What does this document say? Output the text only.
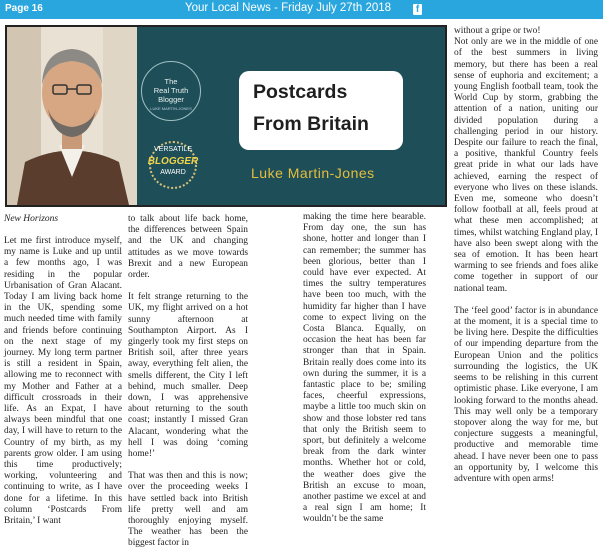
Page 16	Your Local News - Friday July 27th 2018 f
The
Real Truth
Blogger
LUKE MARTIN-JONES
VERSATILE
BLOGGER
AWARD
Postcards
From Britain
Luke Martin-Jones
New Horizons

Let me first introduce myself, my name is Luke and up until a few months ago, I was residing in the popular Urbanisation of Gran Alacant. Today I am living back home in the UK, spending some much needed time with family and friends before continuing on the next stage of my journey. My long term partner is still a resident in Spain, allowing me to reconnect with my Mother and Father at a difficult crossroads in their life. As an Expat, I have always been mindful that one day, I will have to return to the Country of my birth, as my parents grow older. I am using this time productively; working, volunteering and continuing to write, as I have done for a lifetime. In this column ‘Postcards From Britain,’ I want

to talk about life back home, the differences between Spain and the UK and changing attitudes as we move towards Brexit and a new European order.

It felt strange returning to the UK, my flight arrived on a hot sunny afternoon at Southampton Airport. As I gingerly took my first steps on British soil, after three years away, everything felt alien, the smells different, the City I left behind, much smaller. Deep down, I was apprehensive about returning to the south coast; instantly I missed Gran Alacant, wondering what the hell I was doing ‘coming home!’

That was then and this is now; over the proceeding weeks I have settled back into British life pretty well and am thoroughly enjoying myself. The weather has been the biggest factor in

making the time here bearable. From day one, the sun has shone, hotter and longer than I can remember; the summer has been glorious, better than I could have ever expected. At times the sultry temperatures have been too much, with the humidity far higher than I have come to expect living on the Costa Blanca. Equally, on occasion the heat has been far stronger than that in Spain. Britain really does come into its own during the summer, it is a fantastic place to be; smiling faces, cheerful expressions, maybe a little too much skin on show and those lobster red tans that only the British seem to sport, but definitely a welcome break from the dark winter months. Whether hot or cold, the weather does give the British an excuse to moan, another pastime we excel at and a real sign I am home; It wouldn’t be the same

without a gripe or two!

Not only are we in the middle of one of the best summers in living memory, but there has been a real sense of euphoria and excitement; a young English football team, took the World Cup by storm, grabbing the attention of a nation, uniting our divided population during a challenging period in our history. Despite our failure to reach the final, a positive, thankful Country feels great pride in what our lads have achieved, earning the respect of everyone who lives on these islands. Even me, someone who doesn’t follow football at all, feels proud at what these men accomplished; at times, whilst watching England play, I have also been swept along with the sea of emotion. It has been heart warming to see friends and foes alike come together in support of our national team.

The ‘feel good’ factor is in abundance at the moment, it is a special time to be living here. Despite the difficulties of our impending departure from the European Union and the politics surrounding the logistics, the UK seems to be relishing in this current optimistic phase. Like everyone, I am looking forward to the months ahead. This may well only be a temporary stopover along the way for me, but conjecture suggests a meaningful, productive and memorable time ahead. I have never been one to pass an opportunity by, I welcome this adventure with open arms!
